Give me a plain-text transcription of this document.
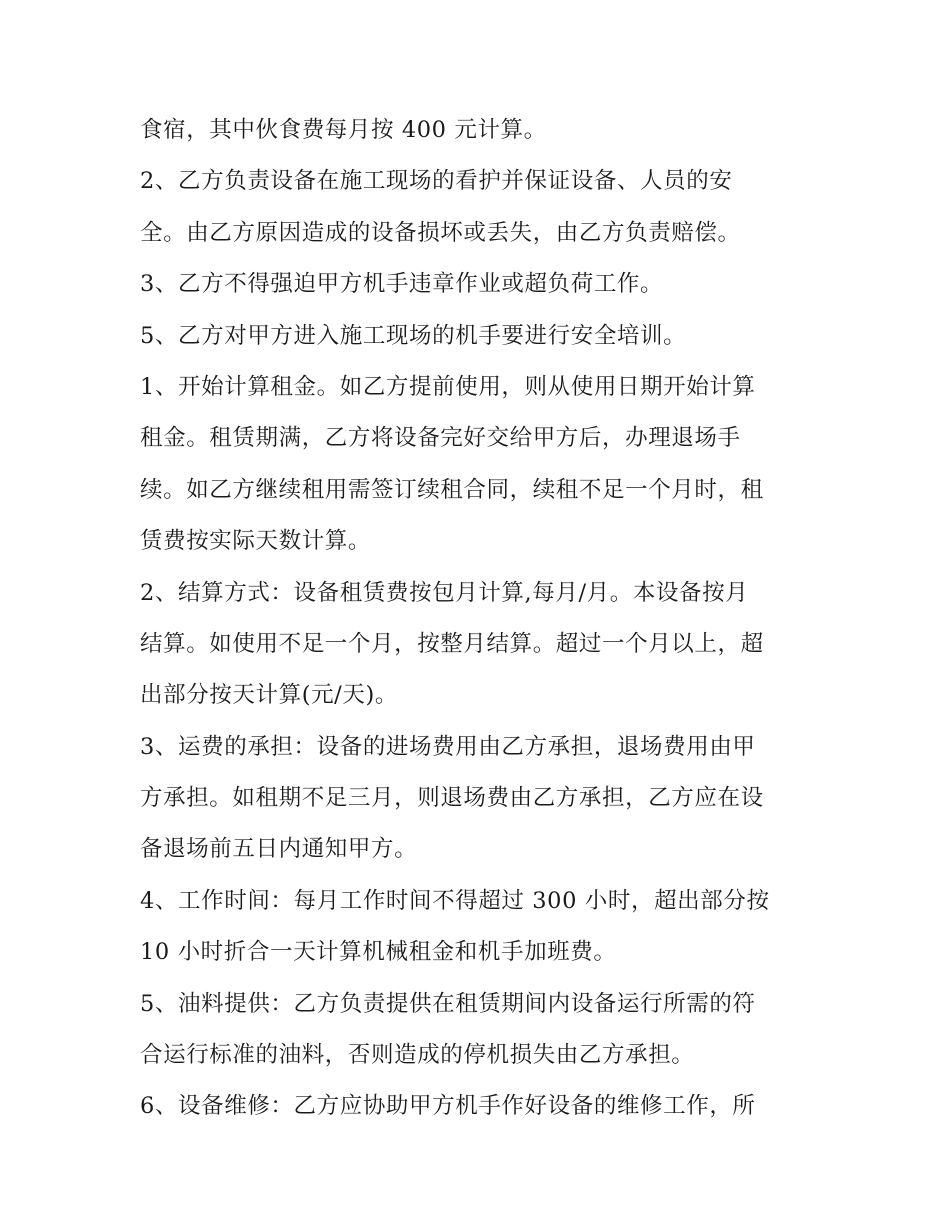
食宿，其中伙食费每月按 400 元计算。
2、乙方负责设备在施工现场的看护并保证设备、人员的安
全。由乙方原因造成的设备损坏或丢失，由乙方负责赔偿。
3、乙方不得强迫甲方机手违章作业或超负荷工作。
5、乙方对甲方进入施工现场的机手要进行安全培训。
1、开始计算租金。如乙方提前使用，则从使用日期开始计算
租金。租赁期满，乙方将设备完好交给甲方后，办理退场手
续。如乙方继续租用需签订续租合同，续租不足一个月时，租
赁费按实际天数计算。
2、结算方式：设备租赁费按包月计算,每月/月。本设备按月
结算。如使用不足一个月，按整月结算。超过一个月以上，超
出部分按天计算(元/天)。
3、运费的承担：设备的进场费用由乙方承担，退场费用由甲
方承担。如租期不足三月，则退场费由乙方承担，乙方应在设
备退场前五日内通知甲方。
4、工作时间：每月工作时间不得超过 300 小时，超出部分按
10 小时折合一天计算机械租金和机手加班费。
5、油料提供：乙方负责提供在租赁期间内设备运行所需的符
合运行标准的油料，否则造成的停机损失由乙方承担。
6、设备维修：乙方应协助甲方机手作好设备的维修工作，所
